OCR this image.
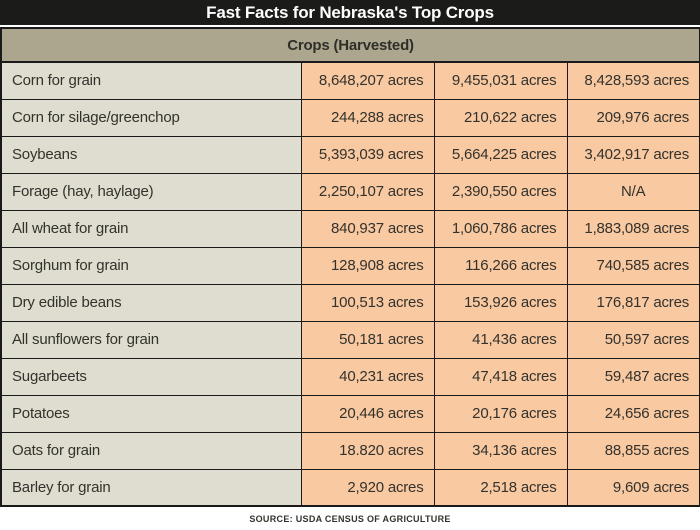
Fast Facts for Nebraska's Top Crops
Crops (Harvested)			
Corn for grain	8,648,207 acres	9,455,031 acres	8,428,593 acres
Corn for silage/greenchop	244,288 acres	210,622 acres	209,976 acres
Soybeans	5,393,039 acres	5,664,225 acres	3,402,917 acres
Forage (hay, haylage)	2,250,107 acres	2,390,550 acres	N/A
All wheat for grain	840,937 acres	1,060,786 acres	1,883,089 acres
Sorghum for grain	128,908 acres	116,266 acres	740,585 acres
Dry edible beans	100,513 acres	153,926 acres	176,817 acres
All sunflowers for grain	50,181 acres	41,436 acres	50,597 acres
Sugarbeets	40,231 acres	47,418 acres	59,487 acres
Potatoes	20,446 acres	20,176 acres	24,656 acres
Oats for grain	18.820 acres	34,136 acres	88,855 acres
Barley for grain	2,920 acres	2,518 acres	9,609 acres
SOURCE: USDA CENSUS OF AGRICULTURE
